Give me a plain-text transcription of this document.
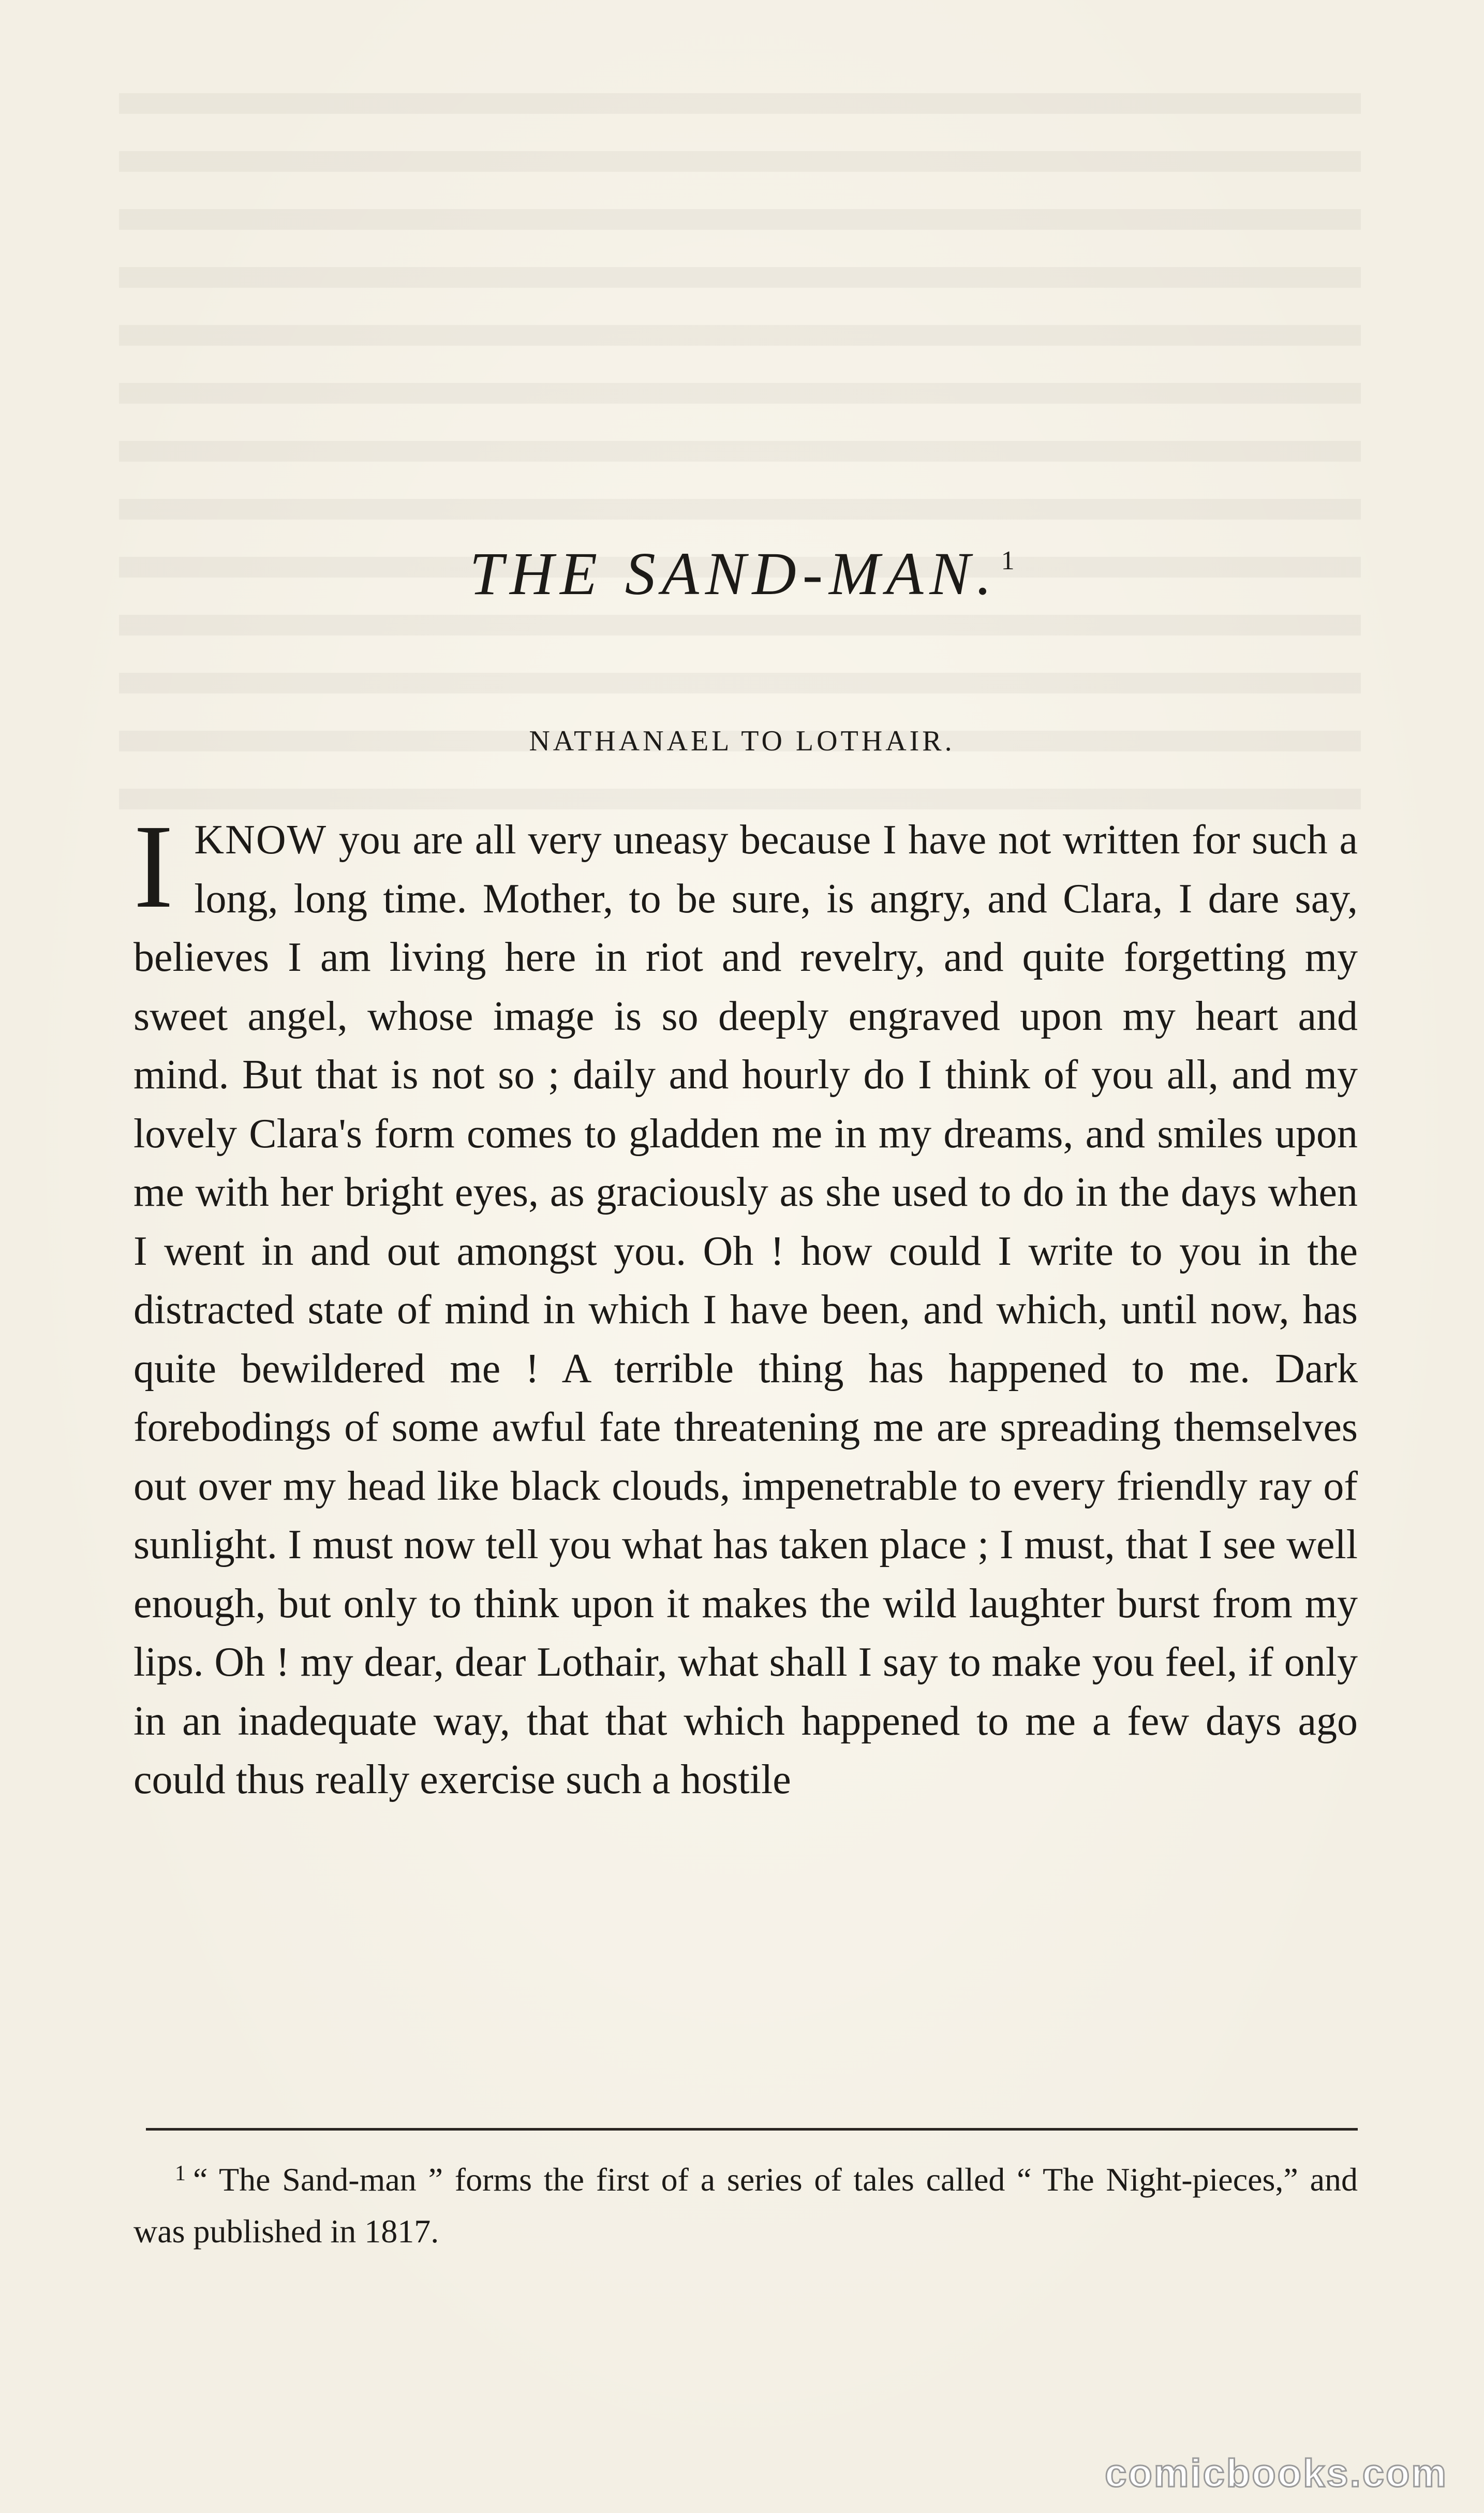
THE SAND-MAN. $^1$
NATHANAEL TO LOTHAIR.

IKNOW you are all very uneasy because I have not written for such a long, long time. Mother, to be sure, is angry, and Clara, I dare say, believes I am living here in riot and revelry, and quite forgetting my sweet angel, whose image is so deeply engraved upon my heart and mind. But that is not so ; daily and hourly do I think of you all, and my lovely Clara's form comes to gladden me in my dreams, and smiles upon me with her bright eyes, as graciously as she used to do in the days when I went in and out amongst you. Oh ! how could I write to you in the distracted state of mind in which I have been, and which, until now, has quite bewildered me ! A terrible thing has happened to me. Dark forebodings of some awful fate threatening me are spreading themselves out over my head like black clouds, impenetrable to every friendly ray of sunlight. I must now tell you what has taken place ; I must, that I see well enough, but only to think upon it makes the wild laughter burst from my lips. Oh ! my dear, dear Lothair, what shall I say to make you feel, if only in an inadequate way, that that which happened to me a few days ago could thus really exercise such a hostile

$^1$ “ The Sand-man ” forms the first of a series of tales called “ The Night-pieces,” and was published in 1817.
comicbooks.com
